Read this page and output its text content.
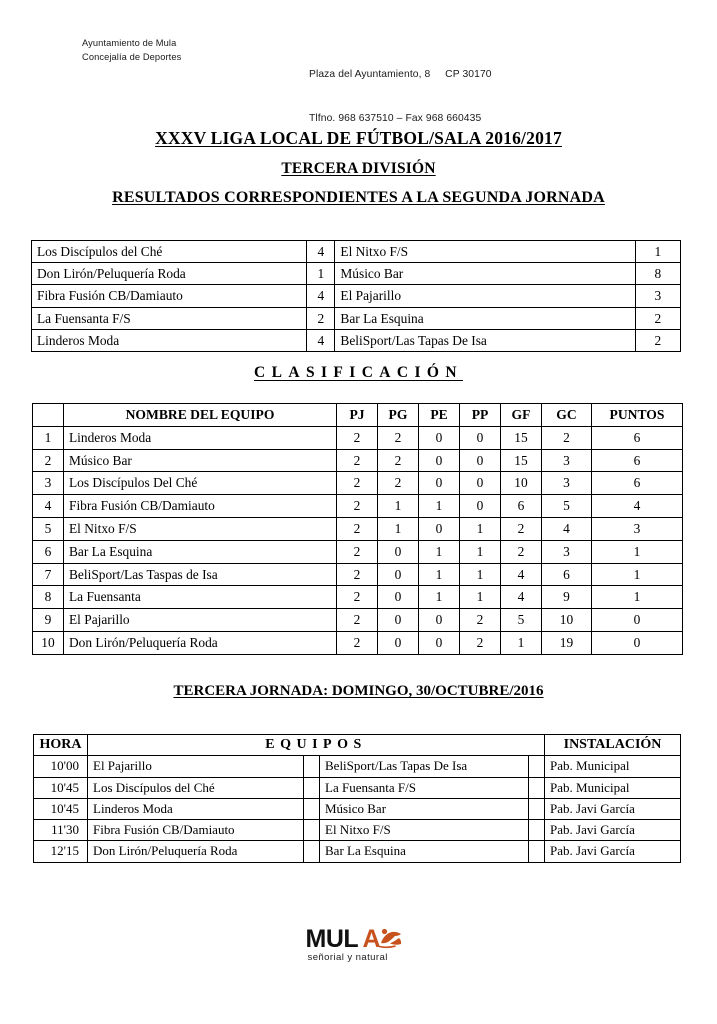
Ayuntamiento de Mula
Concejalía de Deportes

Plaza del Ayuntamiento, 8     CP 30170

Tlfno. 968 637510 – Fax 968 660435

XXXV LIGA LOCAL DE FÚTBOL/SALA 2016/2017
TERCERA DIVISIÓN
RESULTADOS CORRESPONDIENTES A LA SEGUNDA JORNADA
Los Discípulos del Ché	4	El Nitxo F/S	1
Don Lirón/Peluquería Roda	1	Músico Bar	8
Fibra Fusión CB/Damiauto	4	El Pajarillo	3
La Fuensanta F/S	2	Bar La Esquina	2
Linderos Moda	4	BeliSport/Las Tapas De Isa	2
CLASIFICACIÓN
	NOMBRE DEL EQUIPO	PJ	PG	PE	PP	GF	GC	PUNTOS
1	Linderos Moda	2	2	0	0	15	2	6
2	Músico Bar	2	2	0	0	15	3	6
3	Los Discípulos Del Ché	2	2	0	0	10	3	6
4	Fibra Fusión CB/Damiauto	2	1	1	0	6	5	4
5	El Nitxo F/S	2	1	0	1	2	4	3
6	Bar La Esquina	2	0	1	1	2	3	1
7	BeliSport/Las Taspas de Isa	2	0	1	1	4	6	1
8	La Fuensanta	2	0	1	1	4	9	1
9	El Pajarillo	2	0	0	2	5	10	0
10	Don Lirón/Peluquería Roda	2	0	0	2	1	19	0
TERCERA JORNADA: DOMINGO, 30/OCTUBRE/2016
HORA	EQUIPOS				INSTALACIÓN
10'00	El Pajarillo		BeliSport/Las Tapas De Isa		Pab. Municipal
10'45	Los Discípulos del Ché		La Fuensanta F/S		Pab. Municipal
10'45	Linderos Moda		Músico Bar		Pab. Javi García
11'30	Fibra Fusión CB/Damiauto		El Nitxo F/S		Pab. Javi García
12'15	Don Lirón/Peluquería Roda		Bar La Esquina		Pab. Javi García
MUL A
señorial y natural
